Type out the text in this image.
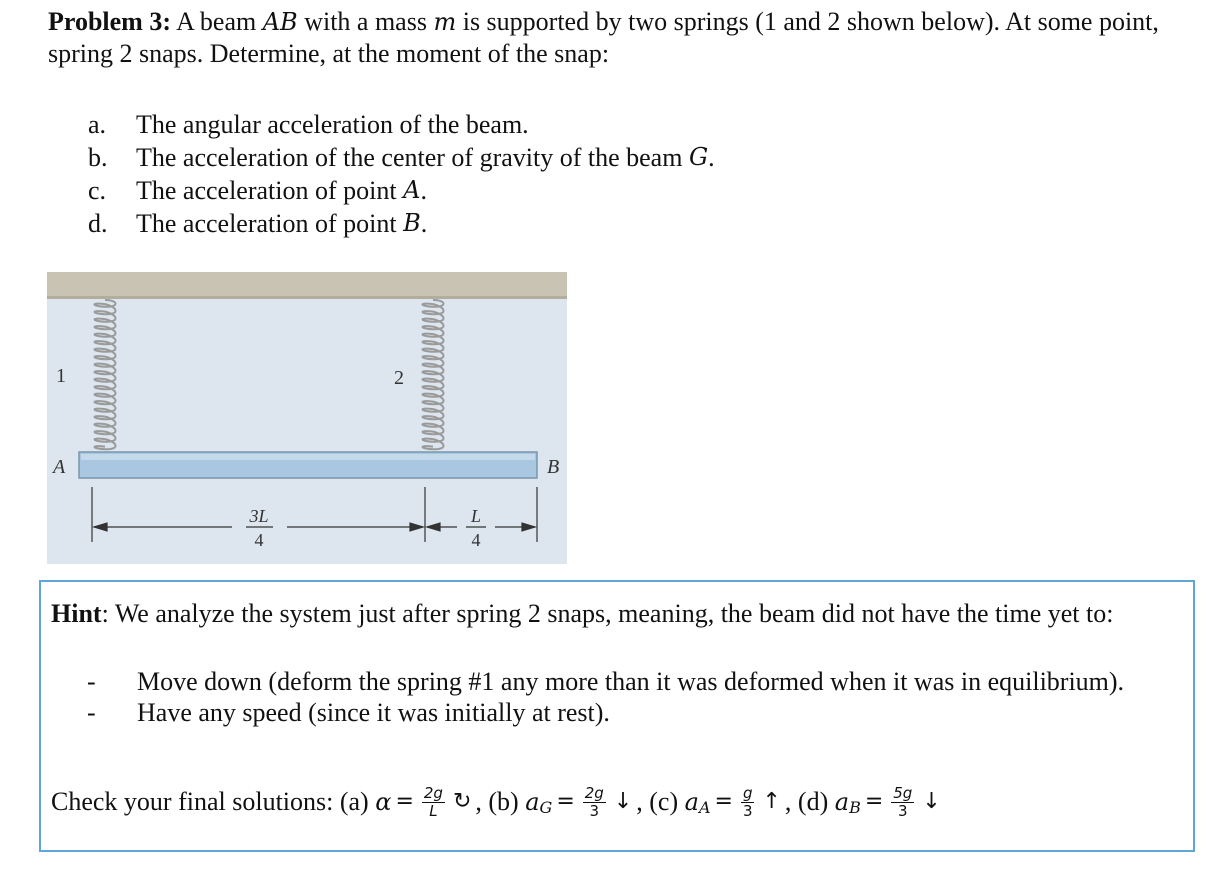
Problem 3: A beam AB with a mass m is supported by two springs (1 and 2 shown below). At some point, spring 2 snaps. Determine, at the moment of the snap:
a.	The angular acceleration of the beam.
b.	The acceleration of the center of gravity of the beam
G .
c.	The acceleration of point
A .
d.	The acceleration of point
B .
1	2
A	B
3L
4
L
4
Hint: We analyze the system just after spring 2 snaps, meaning, the beam did not have the time yet to:
- Move down (deform the spring #1 any more than it was deformed when it was in equilibrium).
- Have any speed (since it was initially at rest).
Check your final solutions:
(a)
$\alpha = \frac{2g}{L}$ ↻ , (b)
a $G = \frac{2g}{3}$ ↓ , (c)
a $A = \frac{g}{3}$ ↑ , (d)
a $B = \frac{5g}{3}$ ↓
